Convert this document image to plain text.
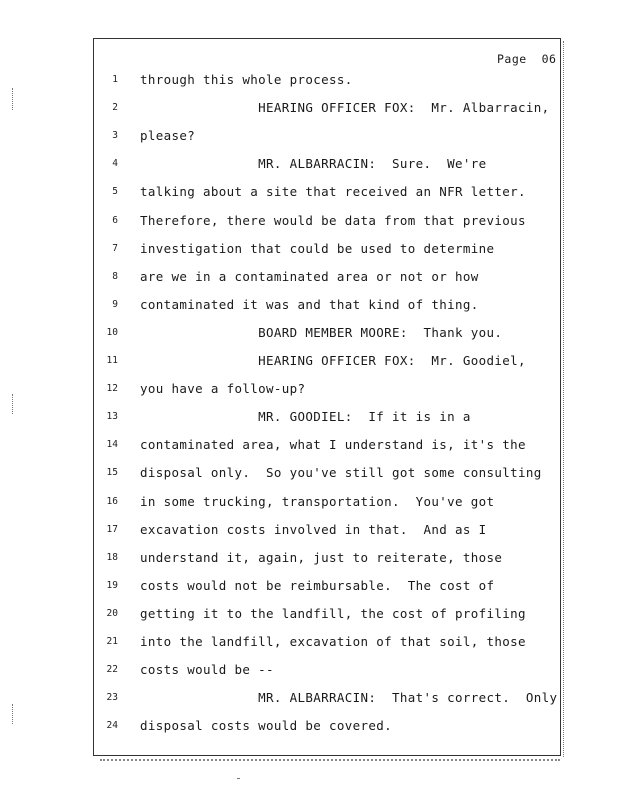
Page 06
1 through this whole process.
2 HEARING OFFICER FOX:  Mr. Albarracin,
3 please?
4 MR. ALBARRACIN:  Sure.  We're
5 talking about a site that received an NFR letter.
6 Therefore, there would be data from that previous
7 investigation that could be used to determine
8 are we in a contaminated area or not or how
9 contaminated it was and that kind of thing.
10 BOARD MEMBER MOORE:  Thank you.
11 HEARING OFFICER FOX:  Mr. Goodiel,
12 you have a follow-up?
13 MR. GOODIEL:  If it is in a
14 contaminated area, what I understand is, it's the
15 disposal only.  So you've still got some consulting
16 in some trucking, transportation.  You've got
17 excavation costs involved in that.  And as I
18 understand it, again, just to reiterate, those
19 costs would not be reimbursable.  The cost of
20 getting it to the landfill, the cost of profiling
21 into the landfill, excavation of that soil, those
22 costs would be --
23 MR. ALBARRACIN:  That's correct.  Only
24 disposal costs would be covered.
